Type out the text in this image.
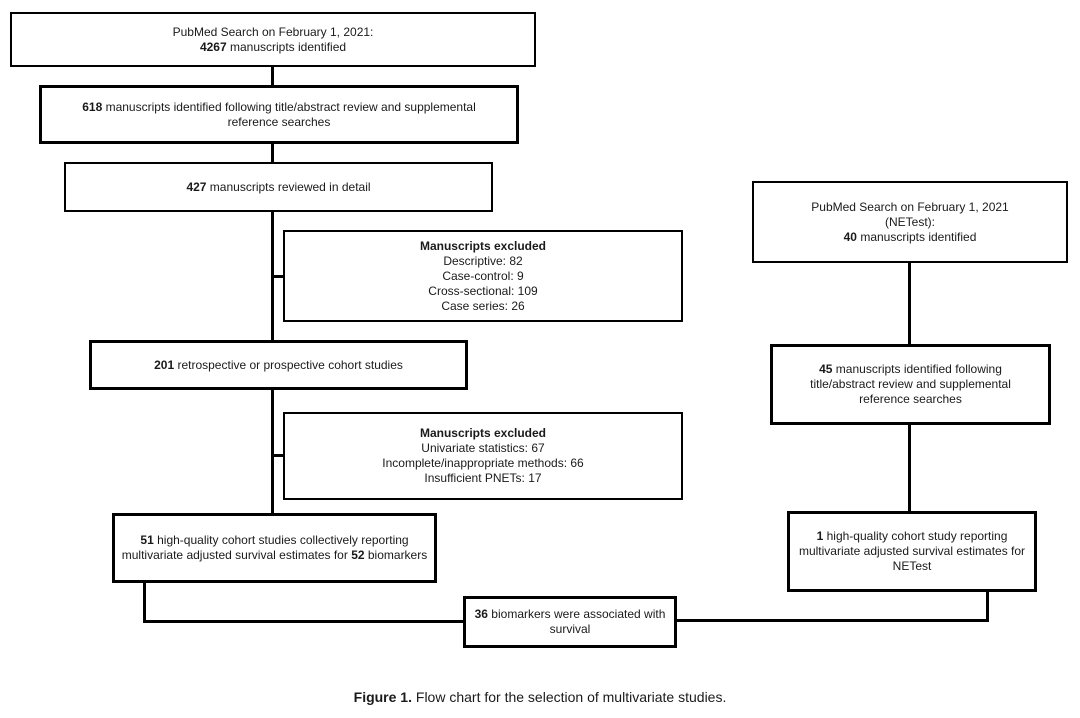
PubMed Search on February 1, 2021:
4267 manuscripts identified
618 manuscripts identified following title/abstract review and supplemental reference searches
427 manuscripts reviewed in detail
Manuscripts excluded
Descriptive: 82
Case-control: 9
Cross-sectional: 109
Case series: 26
201 retrospective or prospective cohort studies
Manuscripts excluded
Univariate statistics: 67
Incomplete/inappropriate methods: 66
Insufficient PNETs: 17
51 high-quality cohort studies collectively reporting multivariate adjusted survival estimates for 52 biomarkers
PubMed Search on February 1, 2021
(NETest):
40 manuscripts identified
45 manuscripts identified following title/abstract review and supplemental reference searches
1 high-quality cohort study reporting multivariate adjusted survival estimates for NETest
36 biomarkers were associated with survival
Figure 1. Flow chart for the selection of multivariate studies.
